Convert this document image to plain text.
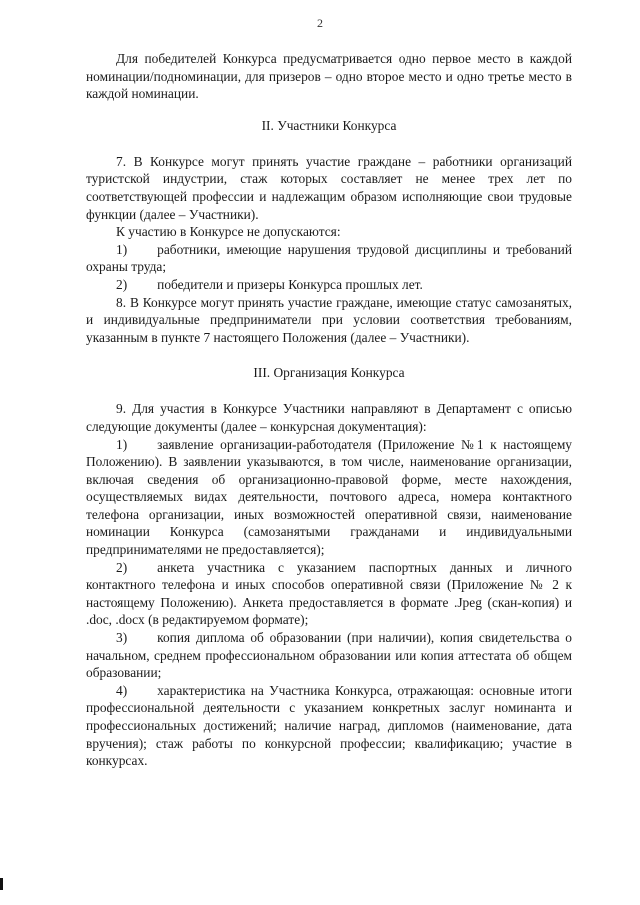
2

Для победителей Конкурса предусматривается одно первое место в каждой номинации/подноминации, для призеров – одно второе место и одно третье место в каждой номинации.

II. Участники Конкурса

7. В Конкурсе могут принять участие граждане – работники организаций туристской индустрии, стаж которых составляет не менее трех лет по соответствующей профессии и надлежащим образом исполняющие свои трудовые функции (далее – Участники).

К участию в Конкурсе не допускаются:

1) работники, имеющие нарушения трудовой дисциплины и требований охраны труда;

2) победители и призеры Конкурса прошлых лет.

8. В Конкурсе могут принять участие граждане, имеющие статус самозанятых, и индивидуальные предприниматели при условии соответствия требованиям, указанным в пункте 7 настоящего Положения (далее – Участники).

III. Организация Конкурса

9. Для участия в Конкурсе Участники направляют в Департамент с описью следующие документы (далее – конкурсная документация):

1) заявление организации-работодателя (Приложение №1 к настоящему Положению). В заявлении указываются, в том числе, наименование организации, включая сведения об организационно-правовой форме, месте нахождения, осуществляемых видах деятельности, почтового адреса, номера контактного телефона организации, иных возможностей оперативной связи, наименование номинации Конкурса (самозанятыми гражданами и индивидуальными предпринимателями не предоставляется);

2) анкета участника с указанием паспортных данных и личного контактного телефона и иных способов оперативной связи (Приложение № 2 к настоящему Положению). Анкета предоставляется в формате .Jpeg (скан-копия) и .doc, .docx (в редактируемом формате);

3) копия диплома об образовании (при наличии), копия свидетельства о начальном, среднем профессиональном образовании или копия аттестата об общем образовании;

4) характеристика на Участника Конкурса, отражающая: основные итоги профессиональной деятельности с указанием конкретных заслуг номинанта и профессиональных достижений; наличие наград, дипломов (наименование, дата вручения); стаж работы по конкурсной профессии; квалификацию; участие в конкурсах.
